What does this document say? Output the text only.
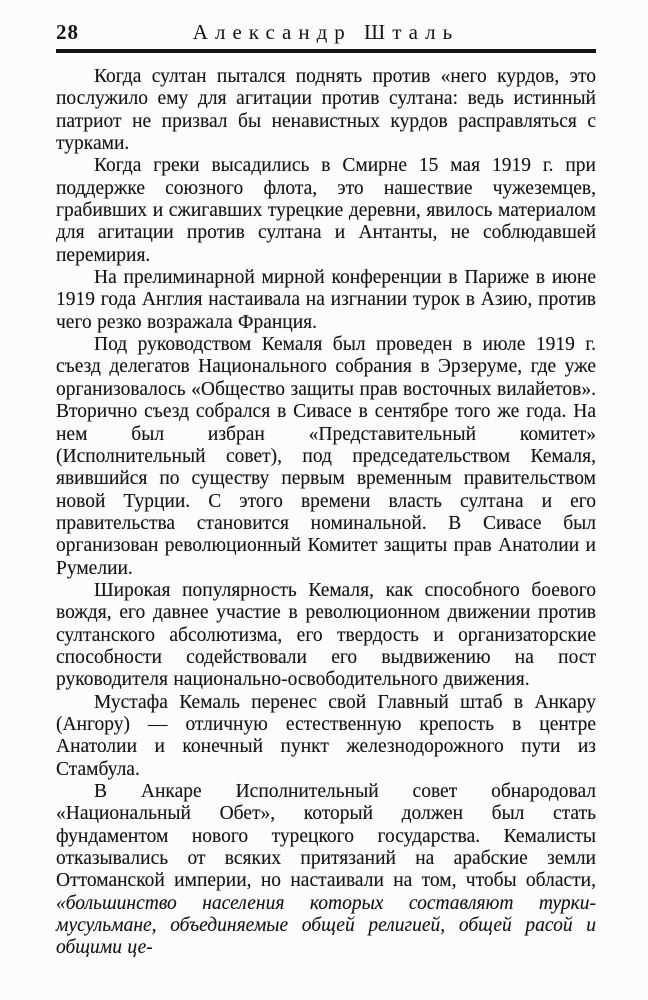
28	Александр Шталь

Когда султан пытался поднять против «него курдов, это послужило ему для агитации против султана: ведь истинный патриот не призвал бы ненавистных курдов расправляться с турками.

Когда греки высадились в Смирне 15 мая 1919 г. при поддержке союзного флота, это нашествие чужеземцев, грабивших и сжигавших турецкие деревни, явилось материалом для агитации против султана и Антанты, не соблюдавшей перемирия.

На прелиминарной мирной конференции в Париже в июне 1919 года Англия настаивала на изгнании турок в Азию, против чего резко возражала Франция.

Под руководством Кемаля был проведен в июле 1919 г. съезд делегатов Национального собрания в Эрзеруме, где уже организовалось «Общество защиты прав восточных вилайетов». Вторично съезд собрался в Сивасе в сентябре того же года. На нем был избран «Представительный комитет» (Исполнительный совет), под председательством Кемаля, явившийся по существу первым временным правительством новой Турции. С этого времени власть султана и его правительства становится номинальной. В Сивасе был организован революционный Комитет защиты прав Анатолии и Румелии.

Широкая популярность Кемаля, как способного боевого вождя, его давнее участие в революционном движении против султанского абсолютизма, его твердость и организаторские способности содействовали его выдвижению на пост руководителя национально-освободительного движения.

Мустафа Кемаль перенес свой Главный штаб в Анкару (Ангору) — отличную естественную крепость в центре Анатолии и конечный пункт железнодорожного пути из Стамбула.

В Анкаре Исполнительный совет обнародовал «Национальный Обет», который должен был стать фундаментом нового турецкого государства. Кемалисты отказывались от всяких притязаний на арабские земли Оттоманской империи, но настаивали на том, чтобы области, «большинство населения которых составляют турки-мусульмане, объединяемые общей религией, общей расой и общими це-
